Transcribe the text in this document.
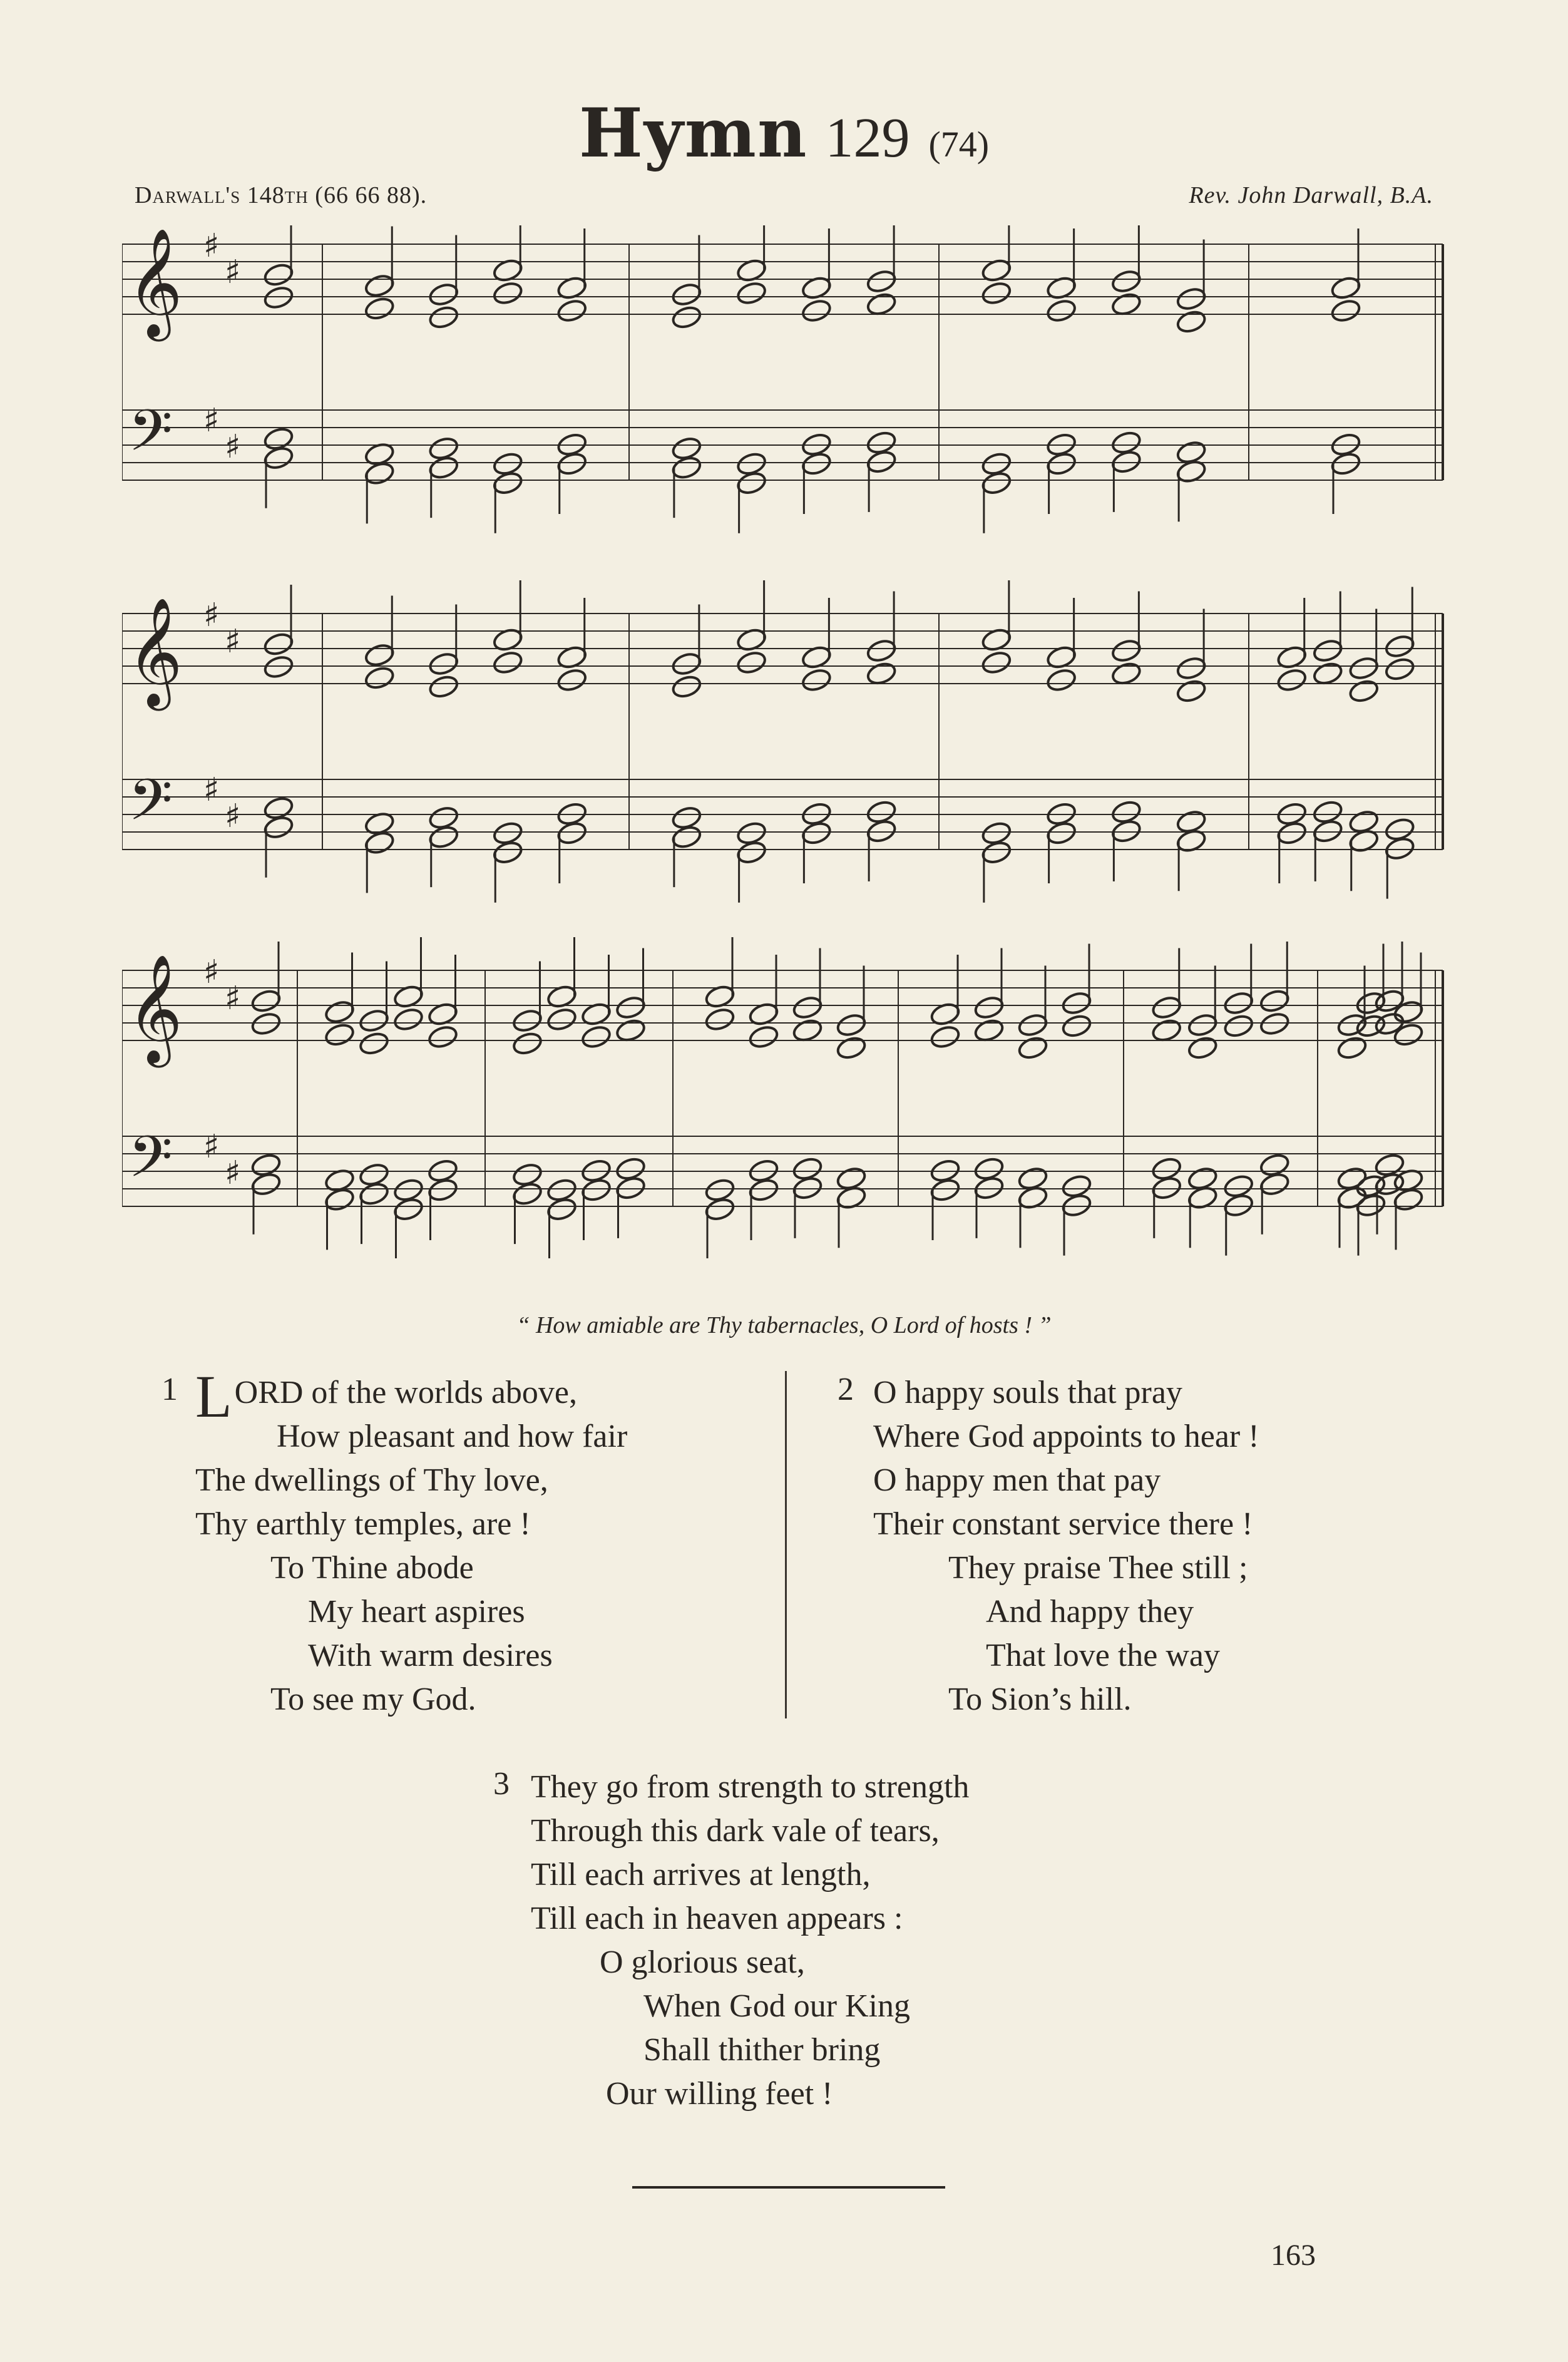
Hymn 129 (74)
Darwall's 148th (66 66 88).	Rev. John Darwall, B.A.
𝄞
𝄢
♯
♯
♯
♯
𝄞
𝄢
♯
♯
♯
♯
𝄞
𝄢
♯
♯
♯
♯
“ How amiable are Thy tabernacles, O Lord of hosts ! ”
1 LORD of the worlds above,
How pleasant and how fair
The dwellings of Thy love,
Thy earthly temples, are !
To Thine abode
My heart aspires
With warm desires
To see my God.
2 O happy souls that pray
Where God appoints to hear !
O happy men that pay
Their constant service there !
They praise Thee still ;
And happy they
That love the way
To Sion’s hill.
3 They go from strength to strength
Through this dark vale of tears,
Till each arrives at length,
Till each in heaven appears :
O glorious seat,
When God our King
Shall thither bring
Our willing feet !
163
